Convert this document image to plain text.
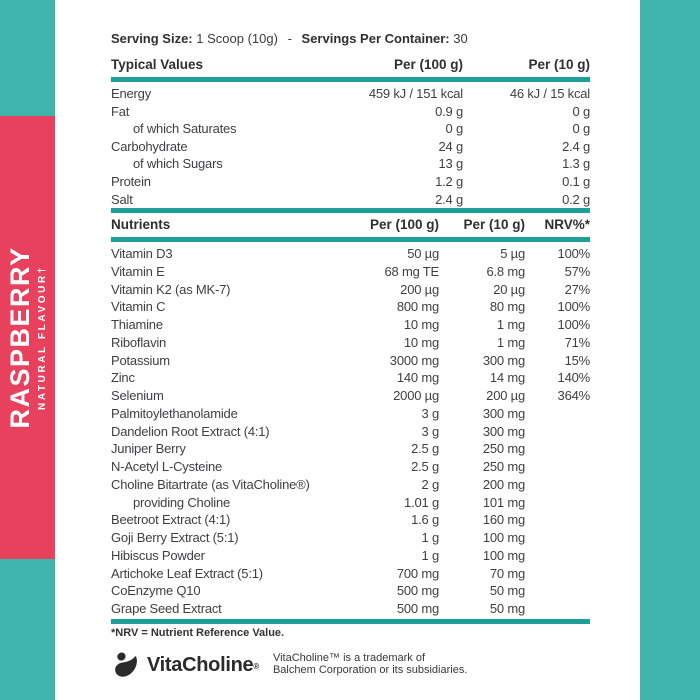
RASPBERRY NATURAL FLAVOUR†
Serving Size: 1 Scoop (10g) - Servings Per Container: 30
Typical Values	Per (100 g)	Per (10 g)
Energy	459 kJ / 151 kcal	46 kJ / 15 kcal
Fat	0.9 g	0 g
of which Saturates	0 g	0 g
Carbohydrate	24 g	2.4 g
of which Sugars	13 g	1.3 g
Protein	1.2 g	0.1 g
Salt	2.4 g	0.2 g
Nutrients	Per (100 g)	Per (10 g)	NRV%*
Vitamin D3	50 µg	5 µg	100%
Vitamin E	68 mg TE	6.8 mg	57%
Vitamin K2 (as MK-7)	200 µg	20 µg	27%
Vitamin C	800 mg	80 mg	100%
Thiamine	10 mg	1 mg	100%
Riboflavin	10 mg	1 mg	71%
Potassium	3000 mg	300 mg	15%
Zinc	140 mg	14 mg	140%
Selenium	2000 µg	200 µg	364%
Palmitoylethanolamide	3 g	300 mg
Dandelion Root Extract (4:1)	3 g	300 mg
Juniper Berry	2.5 g	250 mg
N-Acetyl L-Cysteine	2.5 g	250 mg
Choline Bitartrate (as VitaCholine®)	2 g	200 mg
providing Choline	1.01 g	101 mg
Beetroot Extract (4:1)	1.6 g	160 mg
Goji Berry Extract (5:1)	1 g	100 mg
Hibiscus Powder	1 g	100 mg
Artichoke Leaf Extract (5:1)	700 mg	70 mg
CoEnzyme Q10	500 mg	50 mg
Grape Seed Extract	500 mg	50 mg
*NRV = Nutrient Reference Value.
VitaCholine®
VitaCholine™ is a trademark of
Balchem Corporation or its subsidiaries.
